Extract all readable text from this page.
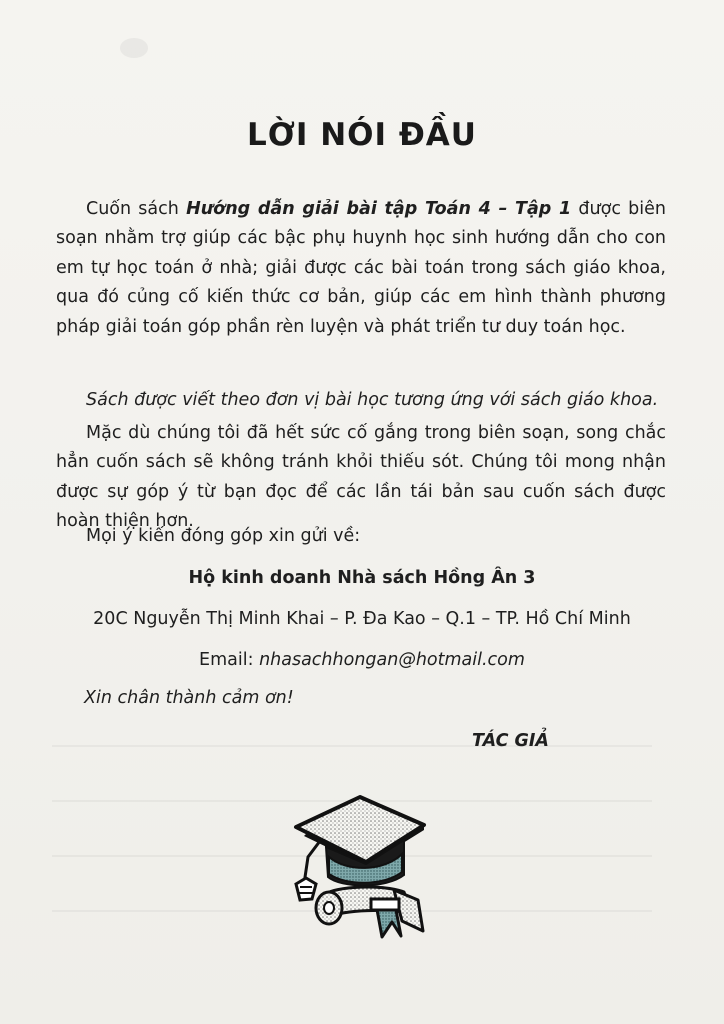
LỜI NÓI ĐẦU

Cuốn sách Hướng dẫn giải bài tập Toán 4 – Tập 1 được biên soạn nhằm trợ giúp các bậc phụ huynh học sinh hướng dẫn cho con em tự học toán ở nhà; giải được các bài toán trong sách giáo khoa, qua đó củng cố kiến thức cơ bản, giúp các em hình thành phương pháp giải toán góp phần rèn luyện và phát triển tư duy toán học.

Sách được viết theo đơn vị bài học tương ứng với sách giáo khoa.

Mặc dù chúng tôi đã hết sức cố gắng trong biên soạn, song chắc hẳn cuốn sách sẽ không tránh khỏi thiếu sót. Chúng tôi mong nhận được sự góp ý từ bạn đọc để các lần tái bản sau cuốn sách được hoàn thiện hơn.

Mọi ý kiến đóng góp xin gửi về:
Hộ kinh doanh Nhà sách Hồng Ân 3
20C Nguyễn Thị Minh Khai – P. Đa Kao – Q.1 – TP. Hồ Chí Minh
Email: nhasachhongan@hotmail.com
Xin chân thành cảm ơn!
TÁC GIẢ
